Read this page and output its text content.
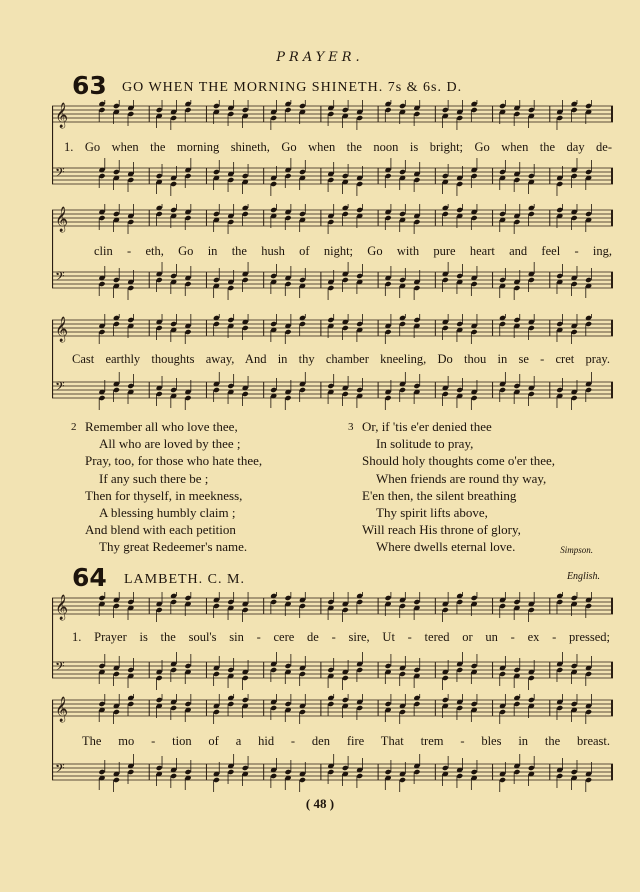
PRAYER.
63 GO WHEN THE MORNING SHINETH. 7s & 6s. D.
𝄞
𝄢
1. Go when the morning shineth, Go when the noon is bright; Go when the day de-
𝄞
𝄢
clin - eth, Go in the hush of night; Go with pure heart and feel - ing,
𝄞
𝄢
Cast earthly thoughts away, And in thy chamber kneeling, Do thou in se - cret pray.
2 Remember all who love thee,
All who are loved by thee ;
Pray, too, for those who hate thee,
If any such there be ;
Then for thyself, in meekness,
A blessing humbly claim ;
And blend with each petition
Thy great Redeemer's name.
3 Or, if 'tis e'er denied thee
In solitude to pray,
Should holy thoughts come o'er thee,
When friends are round thy way,
E'en then, the silent breathing
Thy spirit lifts above,
Will reach His throne of glory,
Where dwells eternal love.	Simpson.
64 LAMBETH. C. M.	English.
𝄞
𝄢
1. Prayer is the soul's sin - cere de - sire, Ut - tered or un - ex - pressed;
𝄞
𝄢
The mo - tion of a hid - den fire That trem - bles in the breast.
( 48 )
